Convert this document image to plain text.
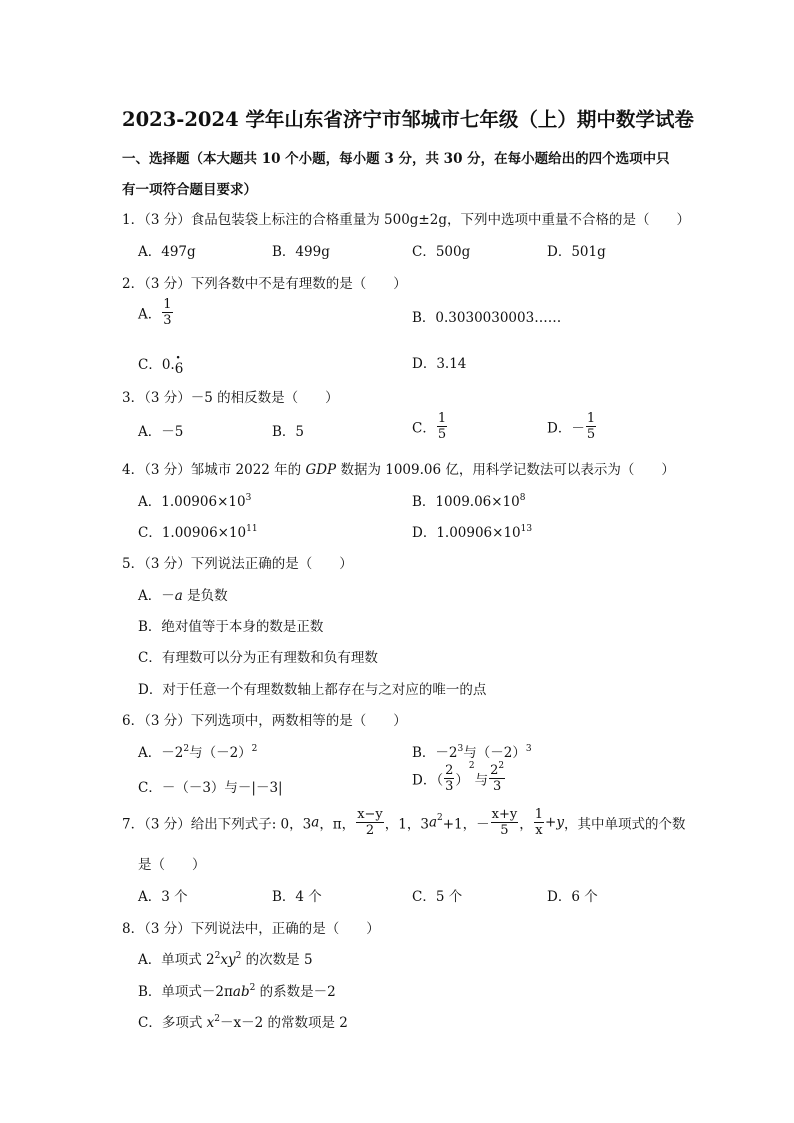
2023-2024 学年山东省济宁市邹城市七年级（上）期中数学试卷
一、选择题（本大题共 10 个小题，每小题 3 分，共 30 分，在每小题给出的四个选项中只
有一项符合题目要求）
1．（3 分）食品包装袋上标注的合格重量为 500g±2g，下列中选项中重量不合格的是（　　）
A．497g	B．499g	C．500g	D．501g
2．（3 分）下列各数中不是有理数的是（　　）
A． $\frac{1}{3}$	B．0.3030030003……
C．0.· 6	D．3.14
3．（3 分）－5 的相反数是（　　）
A．－5	B．5	C． $\frac{1}{5}$	D．－ $\frac{1}{5}$
4．（3 分）邹城市 2022 年的 GDP 数据为 1009.06 亿，用科学记数法可以表示为（　　）
A．$1.00906\times 10^3$	B．$1009.06\times 10^8$
C．$1.00906\times 10^{11}$	D．$1.00906\times 10^{13}$
5．（3 分）下列说法正确的是（　　）
A．－a 是负数
B．绝对值等于本身的数是正数
C．有理数可以分为正有理数和负有理数
D．对于任意一个有理数数轴上都存在与之对应的唯一的点
6．（3 分）下列选项中，两数相等的是（　　）
A．$-2^2$与$(-2)^2$	B．$-2^3$与$(-2)^3$
C．－（－3）与－|－3|	D．（ $\frac{2}{3} )^2$与 $\frac{2^2}{3}$
7．（3 分）给出下列式子: 0，3a，π， $\frac{x-y}{2}$ ，1，$3a^2+1$，－ $\frac{x+y}{5}$ ， $\frac{1}{x} +y$，其中单项式的个数
是（　　）
A．3 个	B．4 个	C．5 个	D．6 个
8．（3 分）下列说法中，正确的是（　　）
A．单项式 $2^2xy^2$ 的次数是 5
B．单项式－2πab$^2$ 的系数是－2
C．多项式 $x^2-x-2$ 的常数项是 2
